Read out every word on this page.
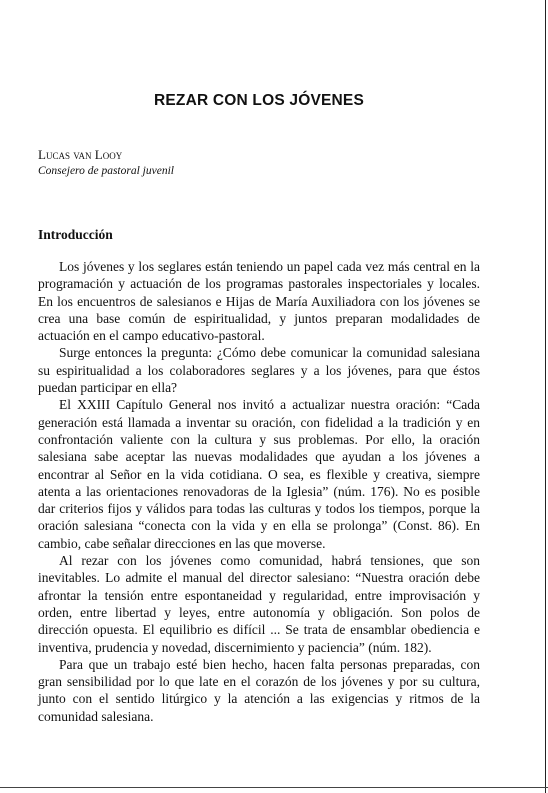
REZAR CON LOS JÓVENES

Lucas van Looy

Consejero de pastoral juvenil

Introducción

Los jóvenes y los seglares están teniendo un papel cada vez más central en la programación y actuación de los programas pastorales inspectoriales y locales. En los encuentros de salesianos e Hijas de María Auxiliadora con los jóvenes se crea una base común de espiritualidad, y juntos preparan modalidades de actuación en el campo educativo-pastoral.

Surge entonces la pregunta: ¿Cómo debe comunicar la comunidad salesiana su espiritualidad a los colaboradores seglares y a los jóvenes, para que éstos puedan participar en ella?

El XXIII Capítulo General nos invitó a actualizar nuestra oración: “Cada generación está llamada a inventar su oración, con fidelidad a la tradición y en confrontación valiente con la cultura y sus problemas. Por ello, la oración salesiana sabe aceptar las nuevas modalidades que ayudan a los jóvenes a encontrar al Señor en la vida cotidiana. O sea, es flexible y creativa, siempre atenta a las orientaciones renovadoras de la Iglesia” (núm. 176). No es posible dar criterios fijos y válidos para todas las culturas y todos los tiempos, porque la oración salesiana “conecta con la vida y en ella se prolonga” (Const. 86). En cambio, cabe señalar direcciones en las que moverse.

Al rezar con los jóvenes como comunidad, habrá tensiones, que son inevitables. Lo admite el manual del director salesiano: “Nuestra oración debe afrontar la tensión entre espontaneidad y regularidad, entre improvisación y orden, entre libertad y leyes, entre autonomía y obligación. Son polos de dirección opuesta. El equilibrio es difícil ... Se trata de ensamblar obediencia e inventiva, prudencia y novedad, discernimiento y paciencia” (núm. 182).

Para que un trabajo esté bien hecho, hacen falta personas preparadas, con gran sensibilidad por lo que late en el corazón de los jóvenes y por su cultura, junto con el sentido litúrgico y la atención a las exigencias y ritmos de la comunidad salesiana.
